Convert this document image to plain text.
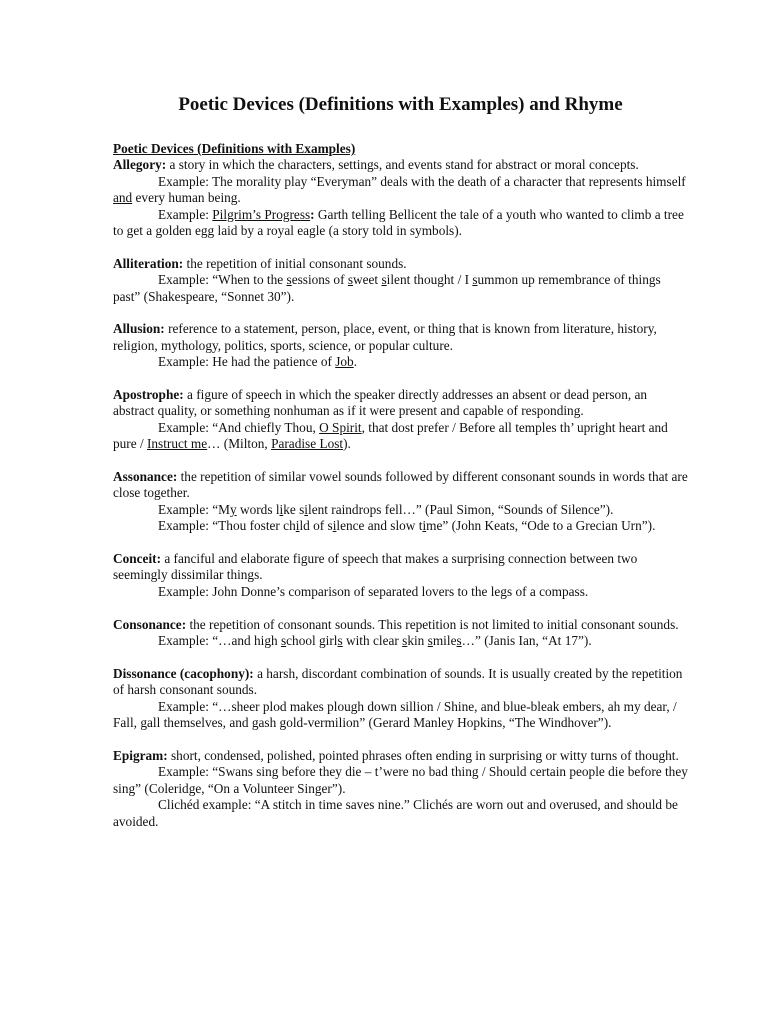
Poetic Devices (Definitions with Examples) and Rhyme

Poetic Devices (Definitions with Examples)

Allegory: a story in which the characters, settings, and events stand for abstract or moral concepts.

Example: The morality play “Everyman” deals with the death of a character that represents himself and every human being.

Example: Pilgrim’s Progress: Garth telling Bellicent the tale of a youth who wanted to climb a tree to get a golden egg laid by a royal eagle (a story told in symbols).

Alliteration: the repetition of initial consonant sounds.

Example: “When to the sessions of sweet silent thought / I summon up remembrance of things past” (Shakespeare, “Sonnet 30”).

Allusion: reference to a statement, person, place, event, or thing that is known from literature, history, religion, mythology, politics, sports, science, or popular culture.

Example: He had the patience of Job.

Apostrophe: a figure of speech in which the speaker directly addresses an absent or dead person, an abstract quality, or something nonhuman as if it were present and capable of responding.

Example: “And chiefly Thou, O Spirit, that dost prefer / Before all temples th’ upright heart and pure / Instruct me… (Milton, Paradise Lost).

Assonance: the repetition of similar vowel sounds followed by different consonant sounds in words that are close together.

Example: “My words like silent raindrops fell…” (Paul Simon, “Sounds of Silence”).

Example: “Thou foster child of silence and slow time” (John Keats, “Ode to a Grecian Urn”).

Conceit: a fanciful and elaborate figure of speech that makes a surprising connection between two seemingly dissimilar things.

Example: John Donne’s comparison of separated lovers to the legs of a compass.

Consonance: the repetition of consonant sounds. This repetition is not limited to initial consonant sounds.

Example: “…and high school girls with clear skin smiles…” (Janis Ian, “At 17”).

Dissonance (cacophony): a harsh, discordant combination of sounds. It is usually created by the repetition of harsh consonant sounds.

Example: “…sheer plod makes plough down sillion / Shine, and blue-bleak embers, ah my dear, / Fall, gall themselves, and gash gold-vermilion” (Gerard Manley Hopkins, “The Windhover”).

Epigram: short, condensed, polished, pointed phrases often ending in surprising or witty turns of thought.

Example: “Swans sing before they die – t’were no bad thing / Should certain people die before they sing” (Coleridge, “On a Volunteer Singer”).

Clichéd example: “A stitch in time saves nine.” Clichés are worn out and overused, and should be avoided.
